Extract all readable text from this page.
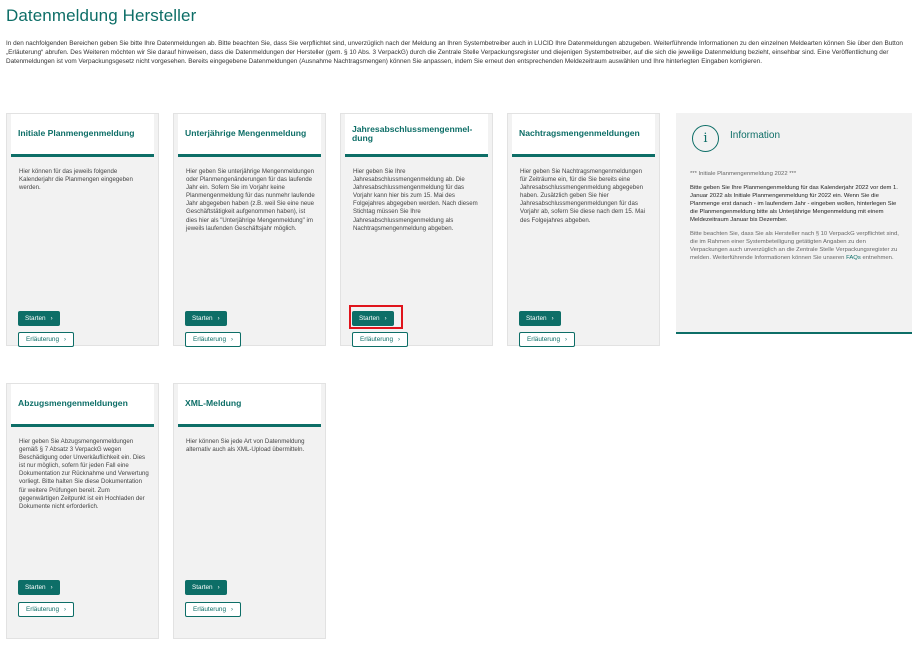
Datenmeldung Hersteller

In den nachfolgenden Bereichen geben Sie bitte Ihre Datenmeldungen ab. Bitte beachten Sie, dass Sie verpflichtet sind, unverzüglich nach der Meldung an Ihren Systembetreiber auch in LUCID Ihre Datenmeldungen abzugeben. Weiterführende Informationen zu den einzelnen Meldearten können Sie über den Button „Erläuterung“ abrufen. Des Weiteren möchten wir Sie darauf hinweisen, dass die Datenmeldungen der Hersteller (gem. § 10 Abs. 3 VerpackG) durch die Zentrale Stelle Verpackungsregister und diejenigen Systembetreiber, auf die sich die jeweilige Datenmeldung bezieht, einsehbar sind. Eine Veröffentlichung der Datenmeldungen ist vom Verpackungsgesetz nicht vorgesehen. Bereits eingegebene Datenmeldungen (Ausnahme Nachtragsmengen) können Sie anpassen, indem Sie erneut den entsprechenden Meldezeitraum auswählen und Ihre hinterlegten Eingaben korrigieren.

Initiale Planmengenmeldung
Hier können für das jeweils folgende Kalenderjahr die Planmengen eingegeben werden.
Starten ›
Erläuterung ›
Unterjährige Mengenmeldung
Hier geben Sie unterjährige Mengenmeldungen oder Planmengenänderungen für das laufende Jahr ein. Sofern Sie im Vorjahr keine Planmengenmeldung für das nunmehr laufende Jahr abgegeben haben (z.B. weil Sie eine neue Geschäftstätigkeit aufgenommen haben), ist dies hier als "Unterjährige Mengenmeldung" im jeweils laufenden Geschäftsjahr möglich.
Starten ›
Erläuterung ›
Jahresabschlussmengenmel-dung
Hier geben Sie Ihre Jahresabschlussmengenmeldung ab. Die Jahresabschlussmengenmeldung für das Vorjahr kann hier bis zum 15. Mai des Folgejahres abgegeben werden. Nach diesem Stichtag müssen Sie Ihre Jahresabschlussmengenmeldung als Nachtragsmengenmeldung abgeben.
Starten ›
Erläuterung ›
Nachtragsmengenmeldungen
Hier geben Sie Nachtragsmengenmeldungen für Zeiträume ein, für die Sie bereits eine Jahresabschlussmengenmeldung abgegeben haben. Zusätzlich geben Sie hier Jahresabschlussmengenmeldungen für das Vorjahr ab, sofern Sie diese nach dem 15. Mai des Folgejahres abgeben.
Starten ›
Erläuterung ›
i	Information

*** Initiale Planmengenmeldung 2022 ***

Bitte geben Sie Ihre Planmengenmeldung für das Kalenderjahr 2022 vor dem 1. Januar 2022 als Initiale Planmengenmeldung für 2022 ein. Wenn Sie die Planmenge erst danach - im laufendem Jahr - eingeben wollen, hinterlegen Sie die Planmengenmeldung bitte als Unterjährige Mengenmeldung mit einem Meldezeitraum Januar bis Dezember.

Bitte beachten Sie, dass Sie als Hersteller nach § 10 VerpackG verpflichtet sind, die im Rahmen einer Systembeteiligung getätigten Angaben zu den Verpackungen auch unverzüglich an die Zentrale Stelle Verpackungsregister zu melden. Weiterführende Informationen können Sie unseren FAQs entnehmen.

Abzugsmengenmeldungen
Hier geben Sie Abzugsmengenmeldungen gemäß § 7 Absatz 3 VerpackG wegen Beschädigung oder Unverkäuflichkeit ein. Dies ist nur möglich, sofern für jeden Fall eine Dokumentation zur Rücknahme und Verwertung vorliegt. Bitte halten Sie diese Dokumentation für weitere Prüfungen bereit. Zum gegenwärtigen Zeitpunkt ist ein Hochladen der Dokumente nicht erforderlich.
Starten ›
Erläuterung ›
XML-Meldung
Hier können Sie jede Art von Datenmeldung alternativ auch als XML-Upload übermitteln.
Starten ›
Erläuterung ›
